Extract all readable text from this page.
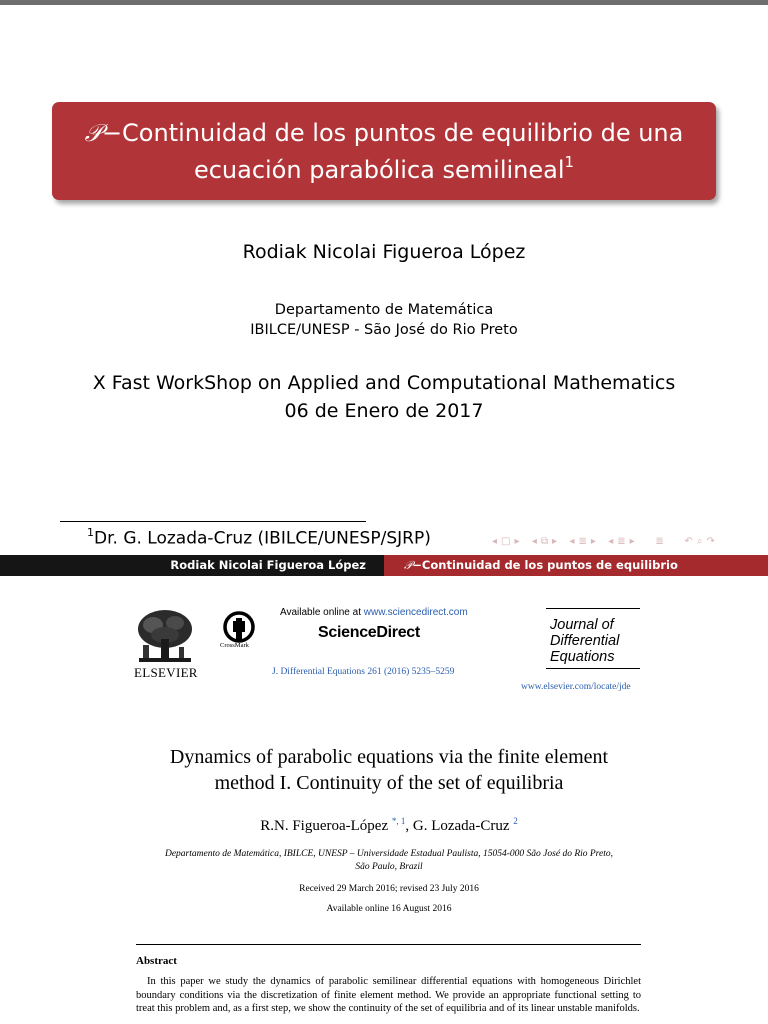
𝒫−Continuidad de los puntos de equilibrio de una
ecuación parabólica semilineal$^1$
Rodiak Nicolai Figueroa López
Departamento de Matemática
IBILCE/UNESP - São José do Rio Preto
X Fast WorkShop on Applied and Computational Mathematics
06 de Enero de 2017
$^1$Dr. G. Lozada-Cruz (IBILCE/UNESP/SJRP)	◂ □ ▸ ◂ ⧉ ▸ ◂ ≣ ▸ ◂ ≣ ▸ ≣ ↶ ⌕ ↷
Rodiak Nicolai Figueroa López	𝒫−Continuidad de los puntos de equilibrio
ELSEVIER
CrossMark
Available online at www.sciencedirect.com
ScienceDirect
J. Differential Equations 261 (2016) 5235–5259
Journal of
Differential
Equations
www.elsevier.com/locate/jde
Dynamics of parabolic equations via the finite element
method I. Continuity of the set of equilibria
R.N. Figueroa-López $^{*, 1}$, G. Lozada-Cruz $^2$
Departamento de Matemática, IBILCE, UNESP – Universidade Estadual Paulista, 15054-000 São José do Rio Preto,
São Paulo, Brazil
Received 29 March 2016; revised 23 July 2016
Available online 16 August 2016
Abstract
In this paper we study the dynamics of parabolic semilinear differential equations with homogeneous Dirichlet boundary conditions via the discretization of finite element method. We provide an appropriate functional setting to treat this problem and, as a first step, we show the continuity of the set of equilibria and of its linear unstable manifolds.
